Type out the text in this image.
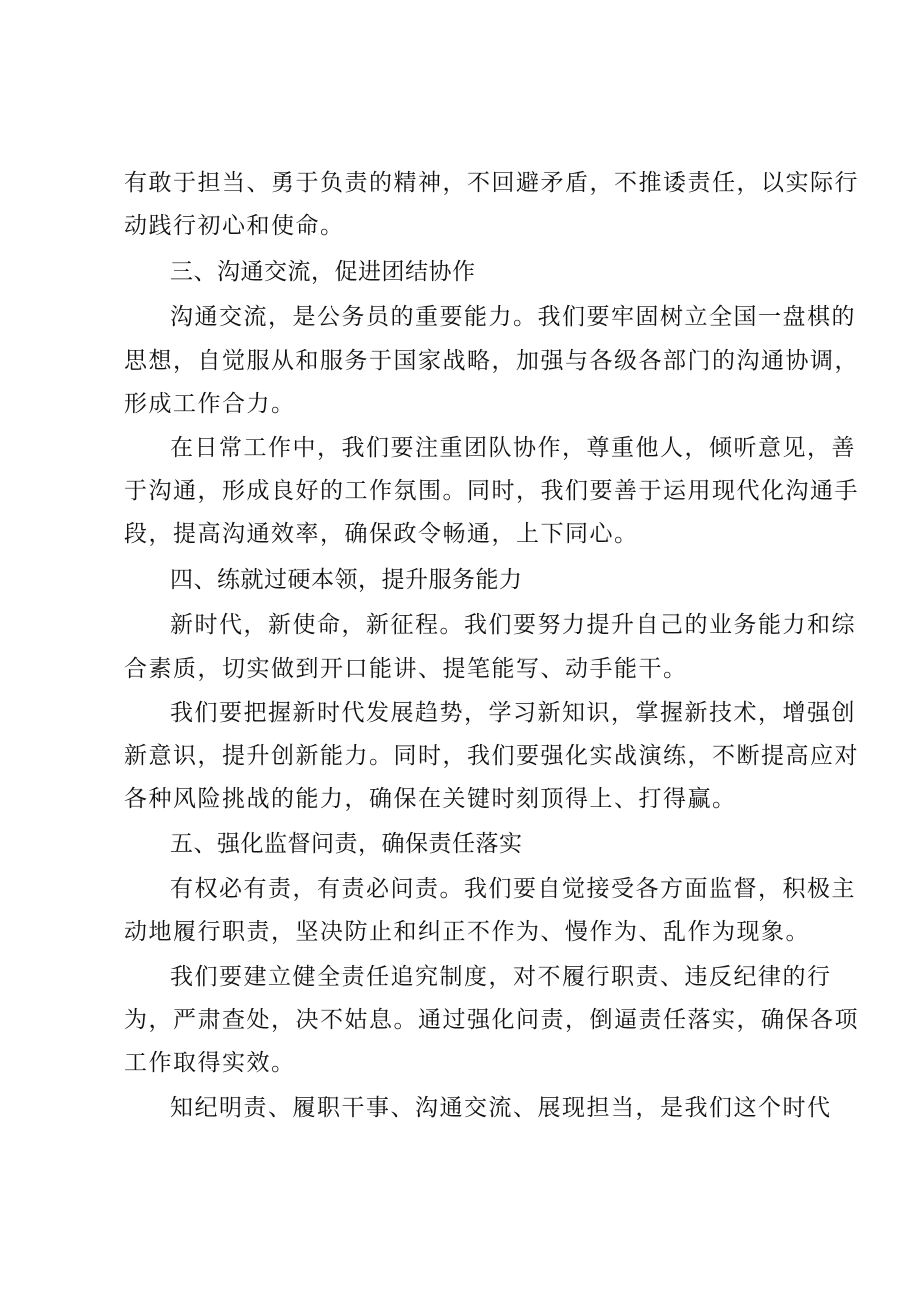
有敢于担当、勇于负责的精神，不回避矛盾，不推诿责任，以实际行
动践行初心和使命。
三、沟通交流，促进团结协作
沟通交流，是公务员的重要能力。我们要牢固树立全国一盘棋的
思想，自觉服从和服务于国家战略，加强与各级各部门的沟通协调，
形成工作合力。
在日常工作中，我们要注重团队协作，尊重他人，倾听意见，善
于沟通，形成良好的工作氛围。同时，我们要善于运用现代化沟通手
段，提高沟通效率，确保政令畅通，上下同心。
四、练就过硬本领，提升服务能力
新时代，新使命，新征程。我们要努力提升自己的业务能力和综
合素质，切实做到开口能讲、提笔能写、动手能干。
我们要把握新时代发展趋势，学习新知识，掌握新技术，增强创
新意识，提升创新能力。同时，我们要强化实战演练，不断提高应对
各种风险挑战的能力，确保在关键时刻顶得上、打得赢。
五、强化监督问责，确保责任落实
有权必有责，有责必问责。我们要自觉接受各方面监督，积极主
动地履行职责，坚决防止和纠正不作为、慢作为、乱作为现象。
我们要建立健全责任追究制度，对不履行职责、违反纪律的行
为，严肃查处，决不姑息。通过强化问责，倒逼责任落实，确保各项
工作取得实效。
知纪明责、履职干事、沟通交流、展现担当，是我们这个时代
